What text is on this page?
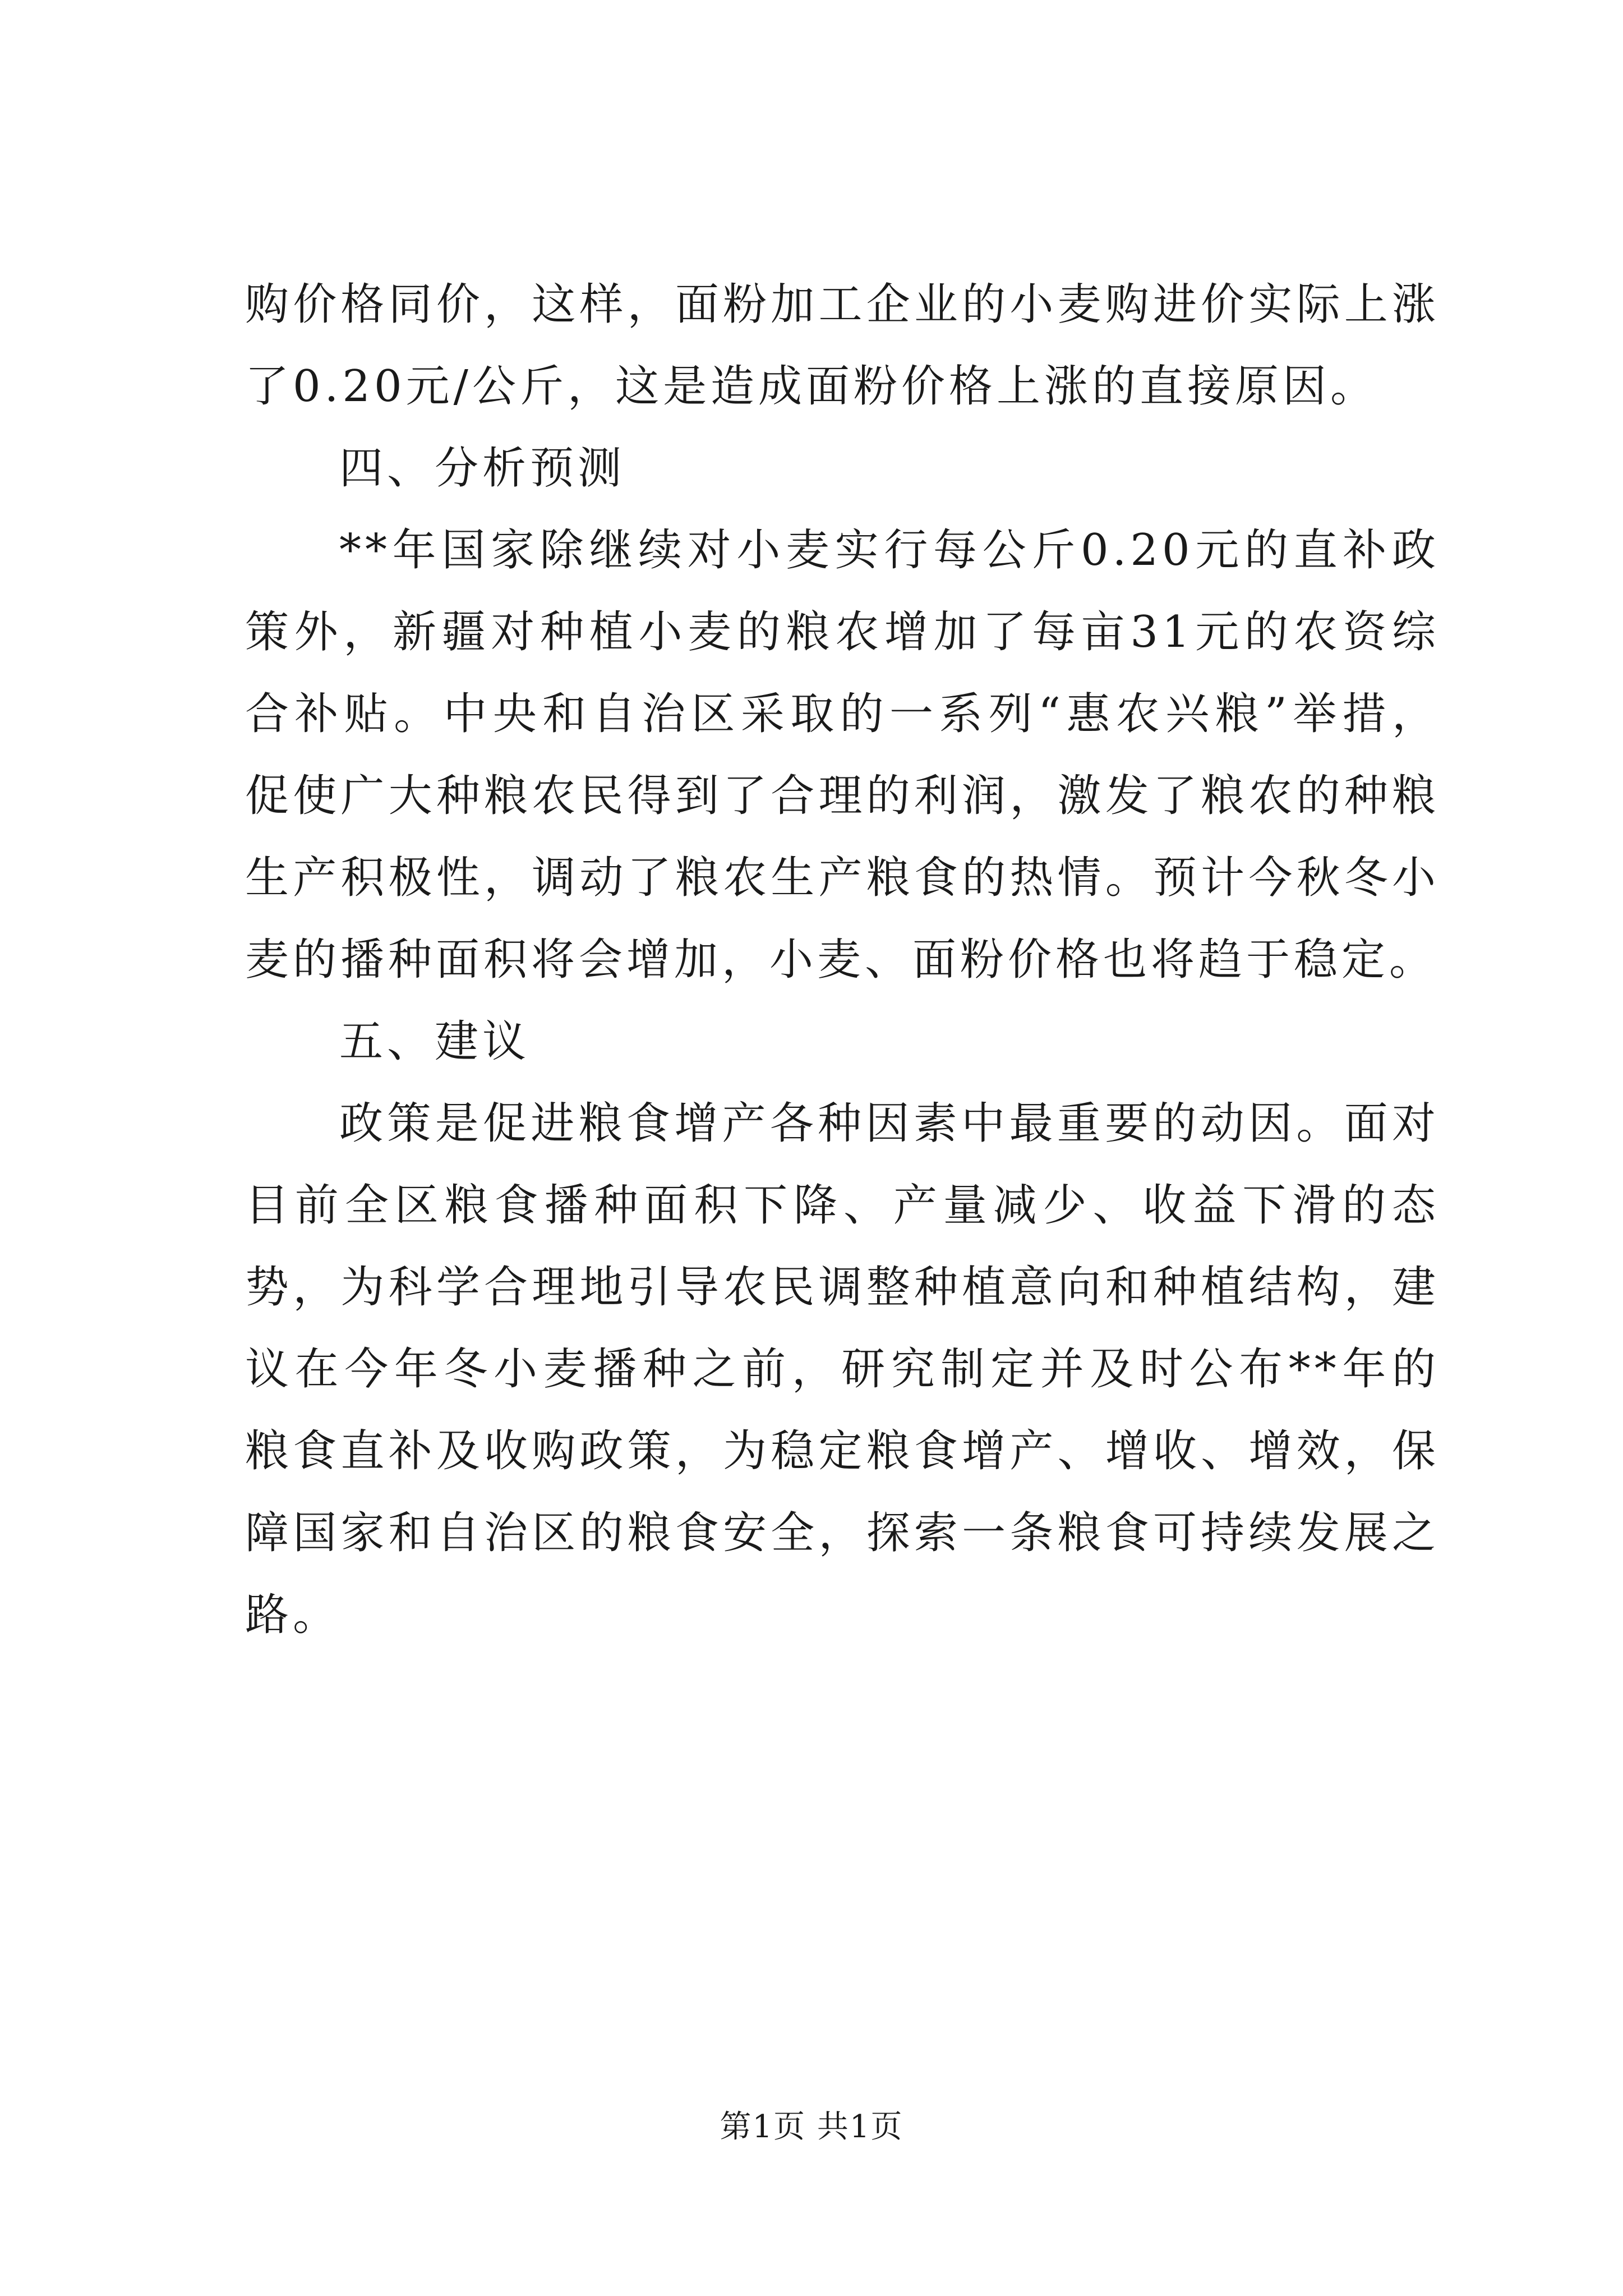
购价格同价，这样，面粉加工企业的小麦购进价实际上涨了0.20元/公斤，这是造成面粉价格上涨的直接原因。

四、分析预测

**年国家除继续对小麦实行每公斤0.20元的直补政策外，新疆对种植小麦的粮农增加了每亩31元的农资综合补贴。中央和自治区采取的一系列“惠农兴粮”举措，促使广大种粮农民得到了合理的利润，激发了粮农的种粮生产积极性，调动了粮农生产粮食的热情。预计今秋冬小麦的播种面积将会增加，小麦、面粉价格也将趋于稳定。

五、建议

政策是促进粮食增产各种因素中最重要的动因。面对目前全区粮食播种面积下降、产量减少、收益下滑的态势，为科学合理地引导农民调整种植意向和种植结构，建议在今年冬小麦播种之前，研究制定并及时公布**年的粮食直补及收购政策，为稳定粮食增产、增收、增效，保障国家和自治区的粮食安全，探索一条粮食可持续发展之路。

第1页 共1页
